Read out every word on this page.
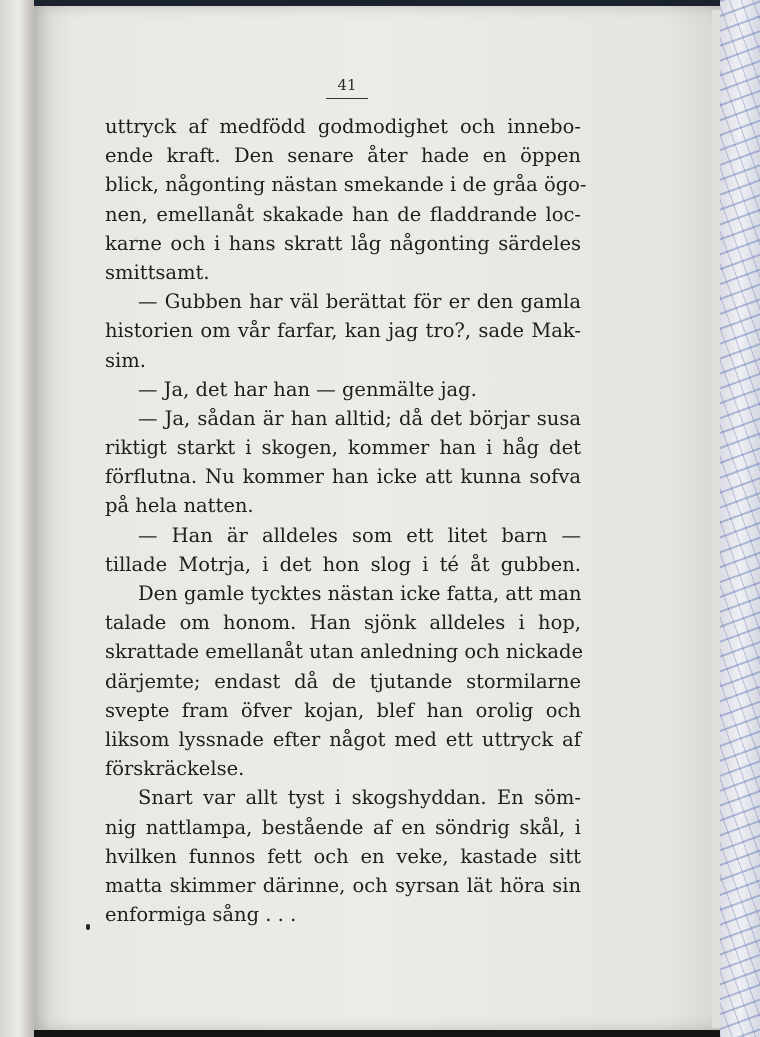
41
uttryck af medfödd godmodighet och innebo-
ende kraft. Den senare åter hade en öppen
blick, någonting nästan smekande i de gråa ögo-
nen, emellanåt skakade han de fladdrande loc-
karne och i hans skratt låg någonting särdeles
smittsamt.
— Gubben har väl berättat för er den gamla
historien om vår farfar, kan jag tro?, sade Mak-
sim.
— Ja, det har han — genmälte jag.
— Ja, sådan är han alltid; då det börjar susa
riktigt starkt i skogen, kommer han i håg det
förflutna. Nu kommer han icke att kunna sofva
på hela natten.
— Han är alldeles som ett litet barn —
tillade Motrja, i det hon slog i té åt gubben.
Den gamle tycktes nästan icke fatta, att man
talade om honom. Han sjönk alldeles i hop,
skrattade emellanåt utan anledning och nickade
därjemte; endast då de tjutande stormilarne
svepte fram öfver kojan, blef han orolig och
liksom lyssnade efter något med ett uttryck af
förskräckelse.
Snart var allt tyst i skogshyddan. En söm-
nig nattlampa, bestående af en söndrig skål, i
hvilken funnos fett och en veke, kastade sitt
matta skimmer därinne, och syrsan lät höra sin
enformiga sång . . .
